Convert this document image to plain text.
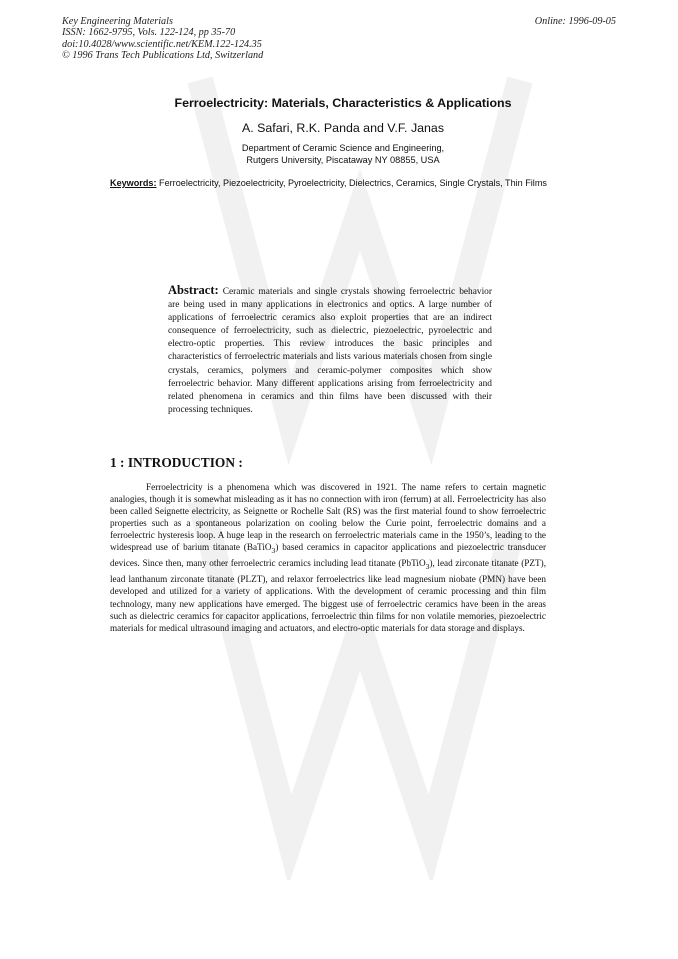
Key Engineering Materials
ISSN: 1662-9795, Vols. 122-124, pp 35-70
doi:10.4028/www.scientific.net/KEM.122-124.35
© 1996 Trans Tech Publications Ltd, Switzerland
Online: 1996-09-05
Ferroelectricity: Materials, Characteristics & Applications
A. Safari, R.K. Panda and V.F. Janas
Department of Ceramic Science and Engineering,
Rutgers University, Piscataway NY 08855, USA
Keywords: Ferroelectricity, Piezoelectricity, Pyroelectricity, Dielectrics, Ceramics, Single Crystals, Thin Films
Abstract: Ceramic materials and single crystals showing ferroelectric behavior are being used in many applications in electronics and optics. A large number of applications of ferroelectric ceramics also exploit properties that are an indirect consequence of ferroelectricity, such as dielectric, piezoelectric, pyroelectric and electro-optic properties. This review introduces the basic principles and characteristics of ferroelectric materials and lists various materials chosen from single crystals, ceramics, polymers and ceramic-polymer composites which show ferroelectric behavior. Many different applications arising from ferroelectricity and related phenomena in ceramics and thin films have been discussed with their processing techniques.
1 : INTRODUCTION :

Ferroelectricity is a phenomena which was discovered in 1921. The name refers to certain magnetic analogies, though it is somewhat misleading as it has no connection with iron (ferrum) at all. Ferroelectricity has also been called Seignette electricity, as Seignette or Rochelle Salt (RS) was the first material found to show ferroelectric properties such as a spontaneous polarization on cooling below the Curie point, ferroelectric domains and a ferroelectric hysteresis loop. A huge leap in the research on ferroelectric materials came in the 1950’s, leading to the widespread use of barium titanate (BaTiO$_3$) based ceramics in capacitor applications and piezoelectric transducer devices. Since then, many other ferroelectric ceramics including lead titanate (PbTiO$_3$), lead zirconate titanate (PZT), lead lanthanum zirconate titanate (PLZT), and relaxor ferroelectrics like lead magnesium niobate (PMN) have been developed and utilized for a variety of applications. With the development of ceramic processing and thin film technology, many new applications have emerged. The biggest use of ferroelectric ceramics have been in the areas such as dielectric ceramics for capacitor applications, ferroelectric thin films for non volatile memories, piezoelectric materials for medical ultrasound imaging and actuators, and electro-optic materials for data storage and displays.
